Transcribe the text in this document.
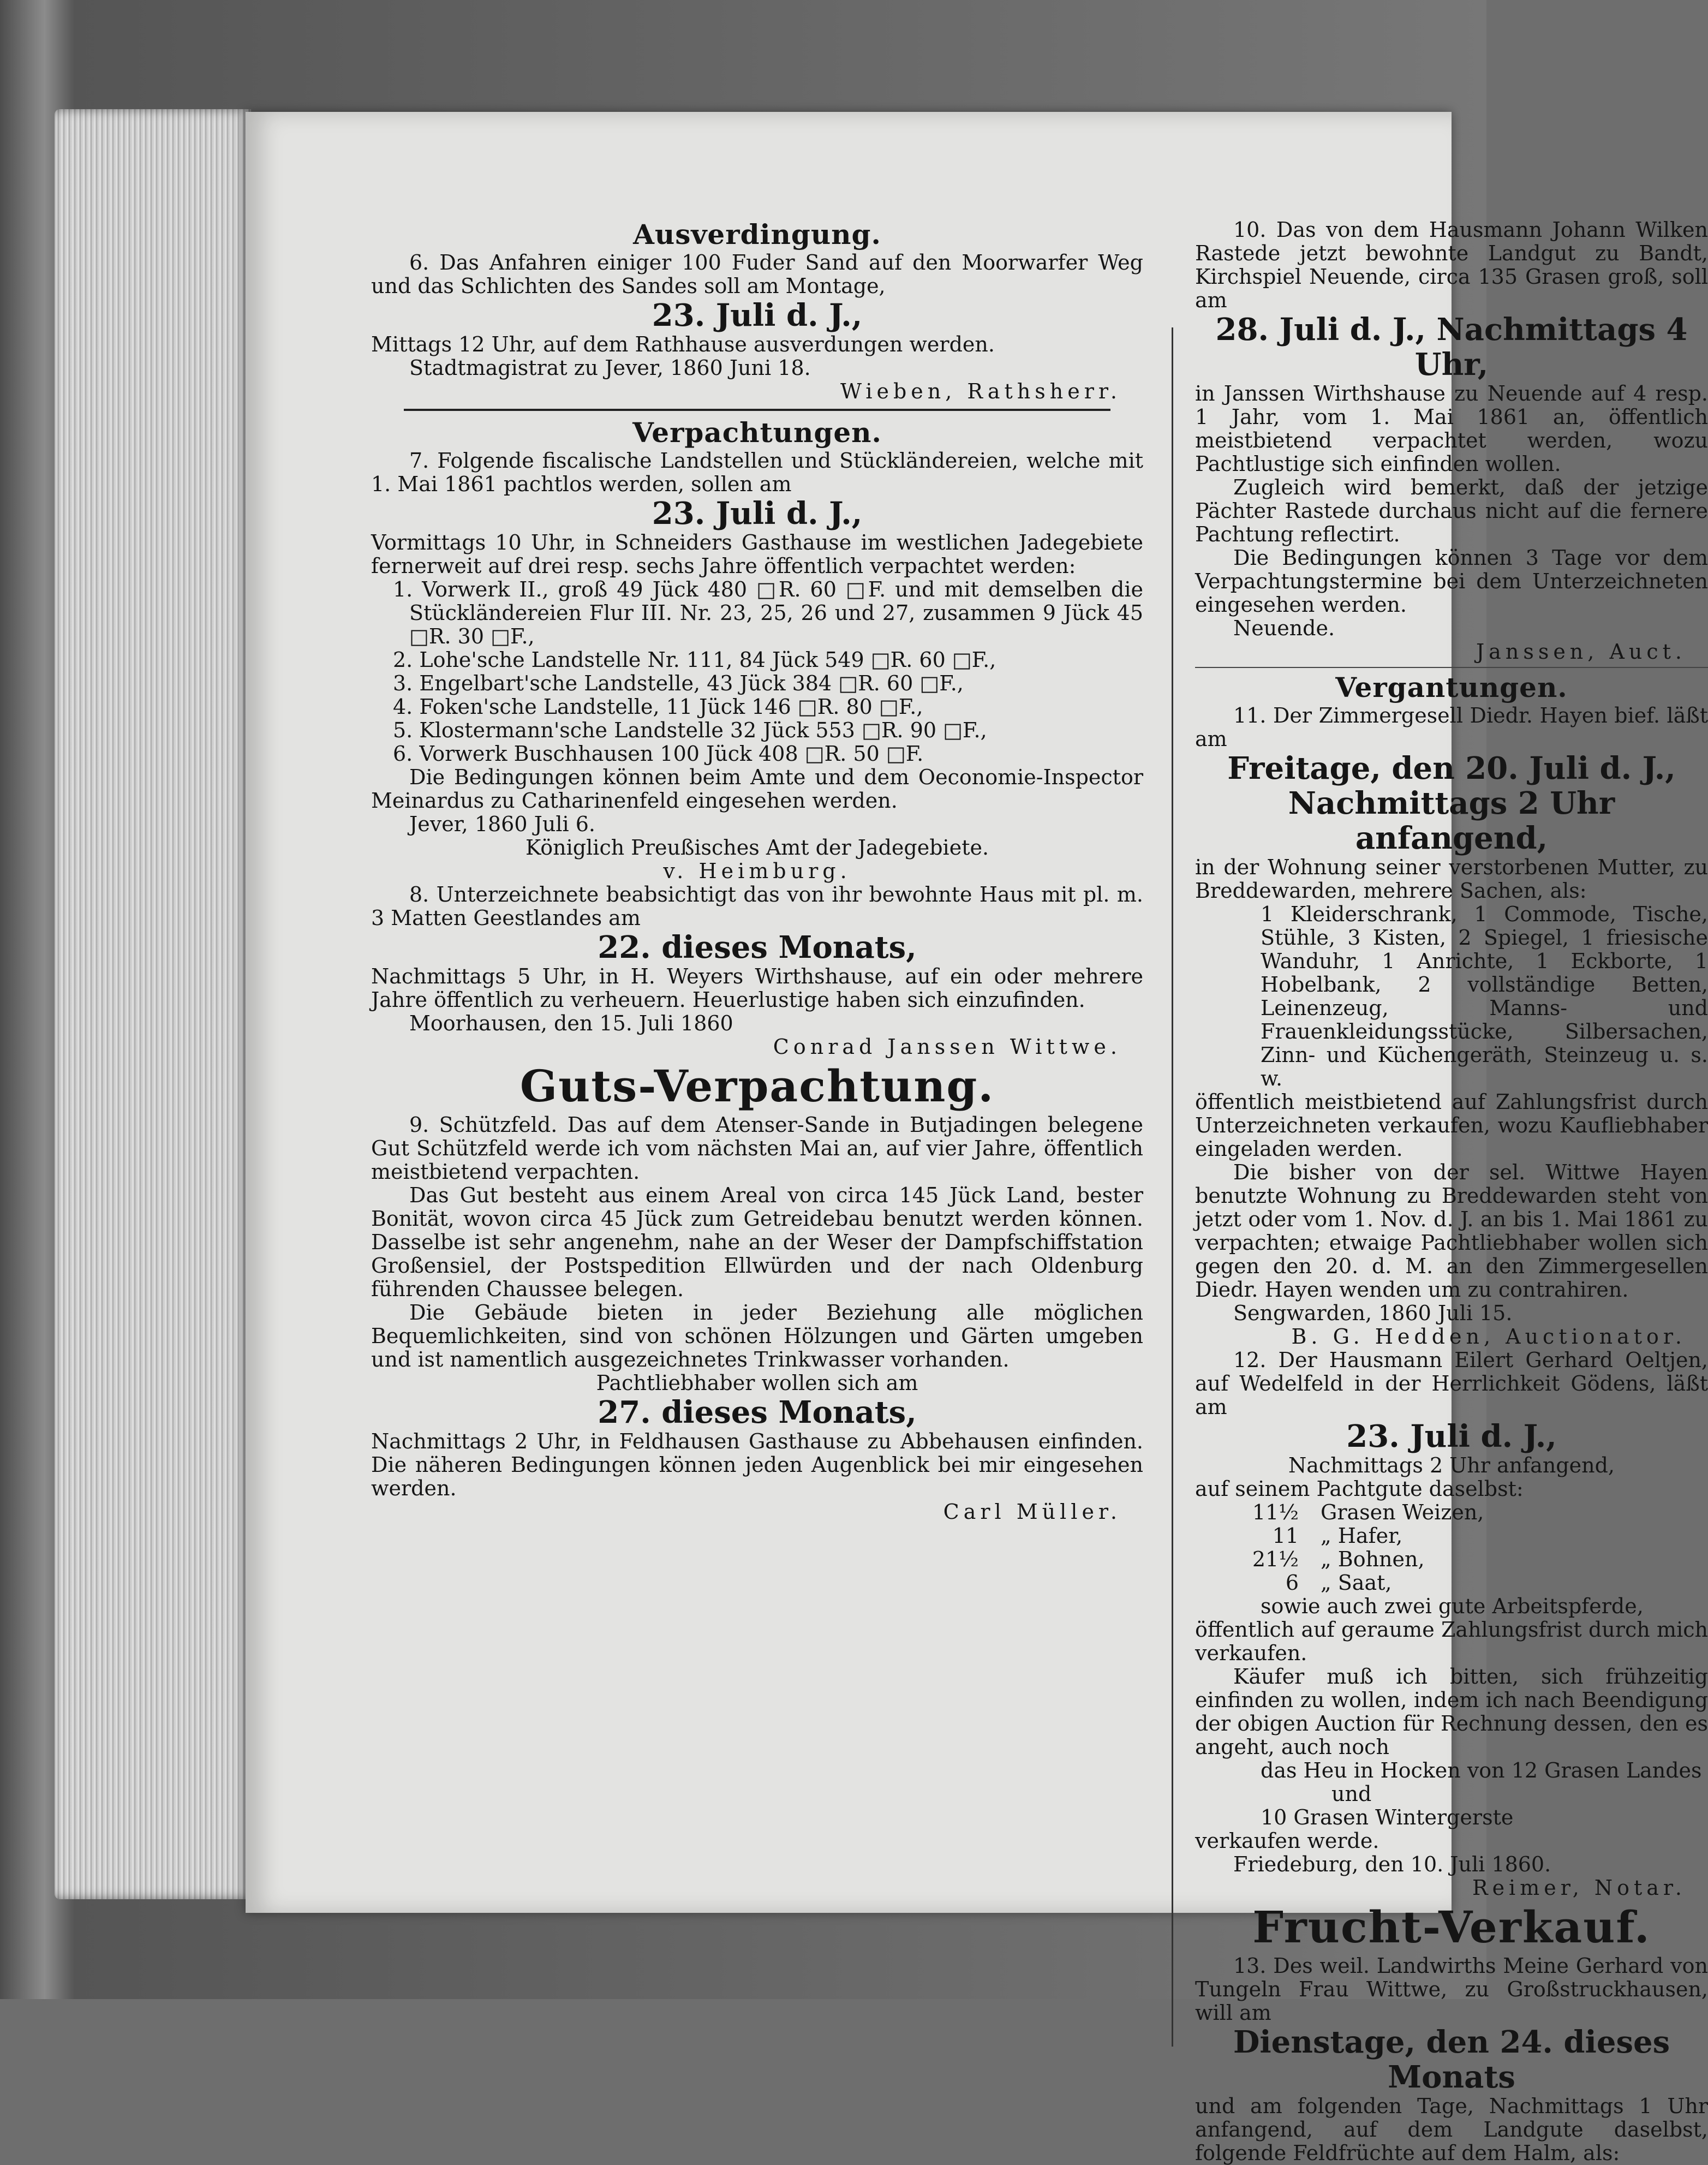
Ausverdingung.

6. Das Anfahren einiger 100 Fuder Sand auf den Moorwarfer Weg und das Schlichten des Sandes soll am Montage,

23. Juli d. J.,

Mittags 12 Uhr, auf dem Rathhause ausverdungen werden.

Stadtmagistrat zu Jever, 1860 Juni 18.

Wieben, Rathsherr.

Verpachtungen.

7. Folgende fiscalische Landstellen und Stückländereien, welche mit 1. Mai 1861 pachtlos werden, sollen am

23. Juli d. J.,

Vormittags 10 Uhr, in Schneiders Gasthause im westlichen Jadegebiete fernerweit auf drei resp. sechs Jahre öffentlich verpachtet werden:

1. Vorwerk II., groß 49 Jück 480 □R. 60 □F. und mit demselben die Stückländereien Flur III. Nr. 23, 25, 26 und 27, zusammen 9 Jück 45 □R. 30 □F.,

2. Lohe'sche Landstelle Nr. 111, 84 Jück 549 □R. 60 □F.,

3. Engelbart'sche Landstelle, 43 Jück 384 □R. 60 □F.,

4. Foken'sche Landstelle, 11 Jück 146 □R. 80 □F.,

5. Klostermann'sche Landstelle 32 Jück 553 □R. 90 □F.,

6. Vorwerk Buschhausen 100 Jück 408 □R. 50 □F.

Die Bedingungen können beim Amte und dem Oeconomie-Inspector Meinardus zu Catharinenfeld eingesehen werden.

Jever, 1860 Juli 6.

Königlich Preußisches Amt der Jadegebiete.

v. Heimburg.

8. Unterzeichnete beabsichtigt das von ihr bewohnte Haus mit pl. m. 3 Matten Geestlandes am

22. dieses Monats,

Nachmittags 5 Uhr, in H. Weyers Wirthshause, auf ein oder mehrere Jahre öffentlich zu verheuern. Heuerlustige haben sich einzufinden.

Moorhausen, den 15. Juli 1860

Conrad Janssen Wittwe.

Guts-Verpachtung.

9. Schützfeld. Das auf dem Atenser-Sande in Butjadingen belegene Gut Schützfeld werde ich vom nächsten Mai an, auf vier Jahre, öffentlich meistbietend verpachten.

Das Gut besteht aus einem Areal von circa 145 Jück Land, bester Bonität, wovon circa 45 Jück zum Getreidebau benutzt werden können. Dasselbe ist sehr angenehm, nahe an der Weser der Dampfschiffstation Großensiel, der Postspedition Ellwürden und der nach Oldenburg führenden Chaussee belegen.

Die Gebäude bieten in jeder Beziehung alle möglichen Bequemlichkeiten, sind von schönen Hölzungen und Gärten umgeben und ist namentlich ausgezeichnetes Trinkwasser vorhanden.

Pachtliebhaber wollen sich am

27. dieses Monats,

Nachmittags 2 Uhr, in Feldhausen Gasthause zu Abbehausen einfinden. Die näheren Bedingungen können jeden Augenblick bei mir eingesehen werden.

Carl Müller.

10. Das von dem Hausmann Johann Wilken Rastede jetzt bewohnte Landgut zu Bandt, Kirchspiel Neuende, circa 135 Grasen groß, soll am

28. Juli d. J., Nachmittags 4 Uhr,

in Janssen Wirthshause zu Neuende auf 4 resp. 1 Jahr, vom 1. Mai 1861 an, öffentlich meistbietend verpachtet werden, wozu Pachtlustige sich einfinden wollen.

Zugleich wird bemerkt, daß der jetzige Pächter Rastede durchaus nicht auf die fernere Pachtung reflectirt.

Die Bedingungen können 3 Tage vor dem Verpachtungstermine bei dem Unterzeichneten eingesehen werden.

Neuende.

Janssen, Auct.

Vergantungen.

11. Der Zimmergesell Diedr. Hayen bief. läßt am

Freitage, den 20. Juli d. J.,

Nachmittags 2 Uhr anfangend,

in der Wohnung seiner verstorbenen Mutter, zu Breddewarden, mehrere Sachen, als:

1 Kleiderschrank, 1 Commode, Tische, Stühle, 3 Kisten, 2 Spiegel, 1 friesische Wanduhr, 1 Anrichte, 1 Eckborte, 1 Hobelbank, 2 vollständige Betten, Leinenzeug, Manns- und Frauenkleidungsstücke, Silbersachen, Zinn- und Küchengeräth, Steinzeug u. s. w.

öffentlich meistbietend auf Zahlungsfrist durch Unterzeichneten verkaufen, wozu Kaufliebhaber eingeladen werden.

Die bisher von der sel. Wittwe Hayen benutzte Wohnung zu Breddewarden steht von jetzt oder vom 1. Nov. d. J. an bis 1. Mai 1861 zu verpachten; etwaige Pachtliebhaber wollen sich gegen den 20. d. M. an den Zimmergesellen Diedr. Hayen wenden um zu contrahiren.

Sengwarden, 1860 Juli 15.

B. G. Hedden, Auctionator.

12. Der Hausmann Eilert Gerhard Oeltjen, auf Wedelfeld in der Herrlichkeit Gödens, läßt am

23. Juli d. J.,

Nachmittags 2 Uhr anfangend,

auf seinem Pachtgute daselbst:

11½ Grasen Weizen,
11 „ Hafer,
21½ „ Bohnen,
6 „ Saat,

sowie auch zwei gute Arbeitspferde,

öffentlich auf geraume Zahlungsfrist durch mich verkaufen.

Käufer muß ich bitten, sich frühzeitig einfinden zu wollen, indem ich nach Beendigung der obigen Auction für Rechnung dessen, den es angeht, auch noch

das Heu in Hocken von 12 Grasen Landes

und

10 Grasen Wintergerste

verkaufen werde.

Friedeburg, den 10. Juli 1860.

Reimer, Notar.

Frucht-Verkauf.

13. Des weil. Landwirths Meine Gerhard von Tungeln Frau Wittwe, zu Großstruckhausen, will am

Dienstage, den 24. dieses Monats

und am folgenden Tage, Nachmittags 1 Uhr anfangend, auf dem Landgute daselbst, folgende Feldfrüchte auf dem Halm, als:
